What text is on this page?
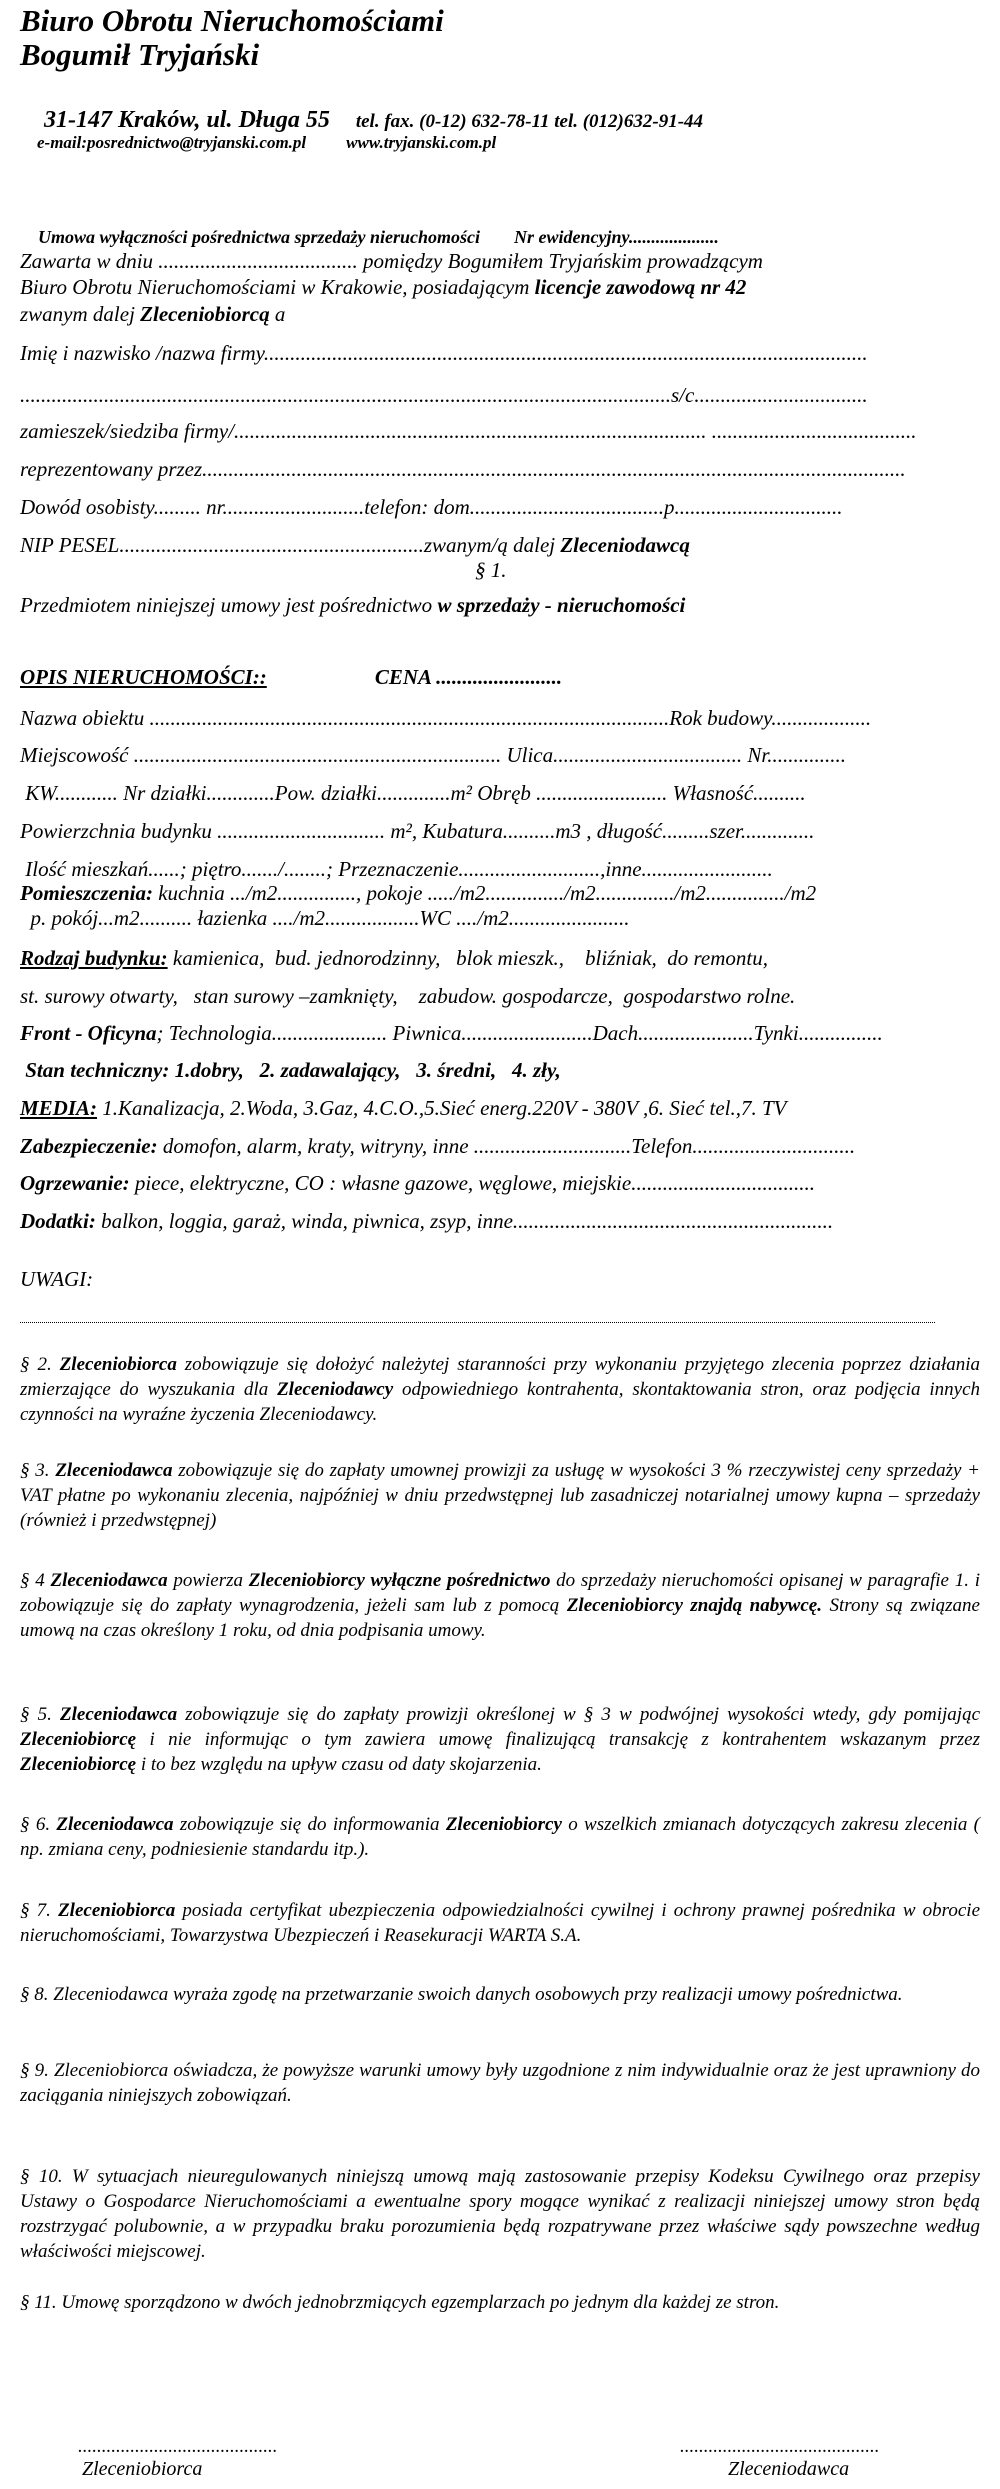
Biuro Obrotu Nieruchomościami
Bogumił Tryjański

31-147 Kraków, ul. Długa 55 tel. fax. (0-12) 632-78-11 tel. (012)632-91-44

e-mail:posrednictwo@tryjanski.com.pl www.tryjanski.com.pl

Umowa wyłączności pośrednictwa sprzedaży nieruchomości Nr ewidencyjny....................

Zawarta w dniu ...................................... pomiędzy Bogumiłem Tryjańskim prowadzącym
Biuro Obrotu Nieruchomościami w Krakowie, posiadającym licencje zawodową nr 42
zwanym dalej Zleceniobiorcą a
Imię i nazwisko /nazwa firmy...................................................................................................................
............................................................................................................................s/c.................................
zamieszek/siedziba firmy/.......................................................................................... .......................................
reprezentowany przez......................................................................................................................................
Dowód osobisty......... nr...........................telefon: dom.....................................p................................
NIP PESEL..........................................................zwanym/ą dalej Zleceniodawcą
§ 1.
Przedmiotem niniejszej umowy jest pośrednictwo w sprzedaży - nieruchomości
OPIS NIERUCHOMOŚCI::	CENA ........................
Nazwa obiektu ...................................................................................................Rok budowy...................
Miejscowość ...................................................................... Ulica.................................... Nr...............
KW............ Nr działki.............Pow. działki..............m² Obręb ......................... Własność..........
Powierzchnia budynku ................................ m², Kubatura..........m3 , długość.........szer..............
Ilość mieszkań......; piętro......./........; Przeznaczenie...........................,inne.........................
Pomieszczenia: kuchnia .../m2..............., pokoje ...../m2.............../m2.............../m2.............../m2
p. pokój...m2.......... łazienka ..../m2..................WC ..../m2.......................
Rodzaj budynku: kamienica,  bud. jednorodzinny,   blok mieszk.,    bliźniak,  do remontu,
st. surowy otwarty,   stan surowy –zamknięty,    zabudow. gospodarcze,  gospodarstwo rolne.
Front - Oficyna; Technologia...................... Piwnica.........................Dach......................Tynki................
Stan techniczny: 1.dobry,   2. zadawalający,   3. średni,   4. zły,
MEDIA: 1.Kanalizacja, 2.Woda, 3.Gaz, 4.C.O.,5.Sieć energ.220V - 380V ,6. Sieć tel.,7. TV
Zabezpieczenie: domofon, alarm, kraty, witryny, inne ..............................Telefon...............................
Ogrzewanie: piece, elektryczne, CO : własne gazowe, węglowe, miejskie...................................
Dodatki: balkon, loggia, garaż, winda, piwnica, zsyp, inne.............................................................
UWAGI:

§ 2. Zleceniobiorca zobowiązuje się dołożyć należytej staranności przy wykonaniu przyjętego zlecenia poprzez działania zmierzające do wyszukania dla Zleceniodawcy odpowiedniego kontrahenta, skontaktowania stron, oraz podjęcia innych czynności na wyraźne życzenia Zleceniodawcy.

§ 3. Zleceniodawca zobowiązuje się do zapłaty umownej prowizji za usługę w wysokości 3 % rzeczywistej ceny sprzedaży + VAT płatne po wykonaniu zlecenia, najpóźniej w dniu przedwstępnej lub zasadniczej notarialnej umowy kupna – sprzedaży (również i przedwstępnej)

§ 4 Zleceniodawca powierza Zleceniobiorcy wyłączne pośrednictwo do sprzedaży nieruchomości opisanej w paragrafie 1. i zobowiązuje się do zapłaty wynagrodzenia, jeżeli sam lub z pomocą Zleceniobiorcy znajdą nabywcę. Strony są związane umową na czas określony 1 roku, od dnia podpisania umowy.

§ 5. Zleceniodawca zobowiązuje się do zapłaty prowizji określonej w § 3 w podwójnej wysokości wtedy, gdy pomijając Zleceniobiorcę i nie informując o tym zawiera umowę finalizującą transakcję z kontrahentem wskazanym przez Zleceniobiorcę i to bez względu na upływ czasu od daty skojarzenia.

§ 6. Zleceniodawca zobowiązuje się do informowania Zleceniobiorcy o wszelkich zmianach dotyczących zakresu zlecenia ( np. zmiana ceny, podniesienie standardu itp.).

§ 7. Zleceniobiorca posiada certyfikat ubezpieczenia odpowiedzialności cywilnej i ochrony prawnej pośrednika w obrocie nieruchomościami, Towarzystwa Ubezpieczeń i Reasekuracji WARTA S.A.

§ 8. Zleceniodawca wyraża zgodę na przetwarzanie swoich danych osobowych przy realizacji umowy pośrednictwa.
§ 9. Zleceniobiorca oświadcza, że powyższe warunki umowy były uzgodnione z nim indywidualnie oraz że jest uprawniony do zaciągania niniejszych zobowiązań.
§ 10. W sytuacjach nieuregulowanych niniejszą umową mają zastosowanie przepisy Kodeksu Cywilnego oraz przepisy Ustawy o Gospodarce Nieruchomościami a ewentualne spory mogące wynikać z realizacji niniejszej umowy stron będą rozstrzygać polubownie, a w przypadku braku porozumienia będą rozpatrywane przez właściwe sądy powszechne według właściwości miejscowej.
§ 11. Umowę sporządzono w dwóch jednobrzmiących egzemplarzach po jednym dla każdej ze stron.
..........................................	..........................................
Zleceniobiorca	Zleceniodawca
